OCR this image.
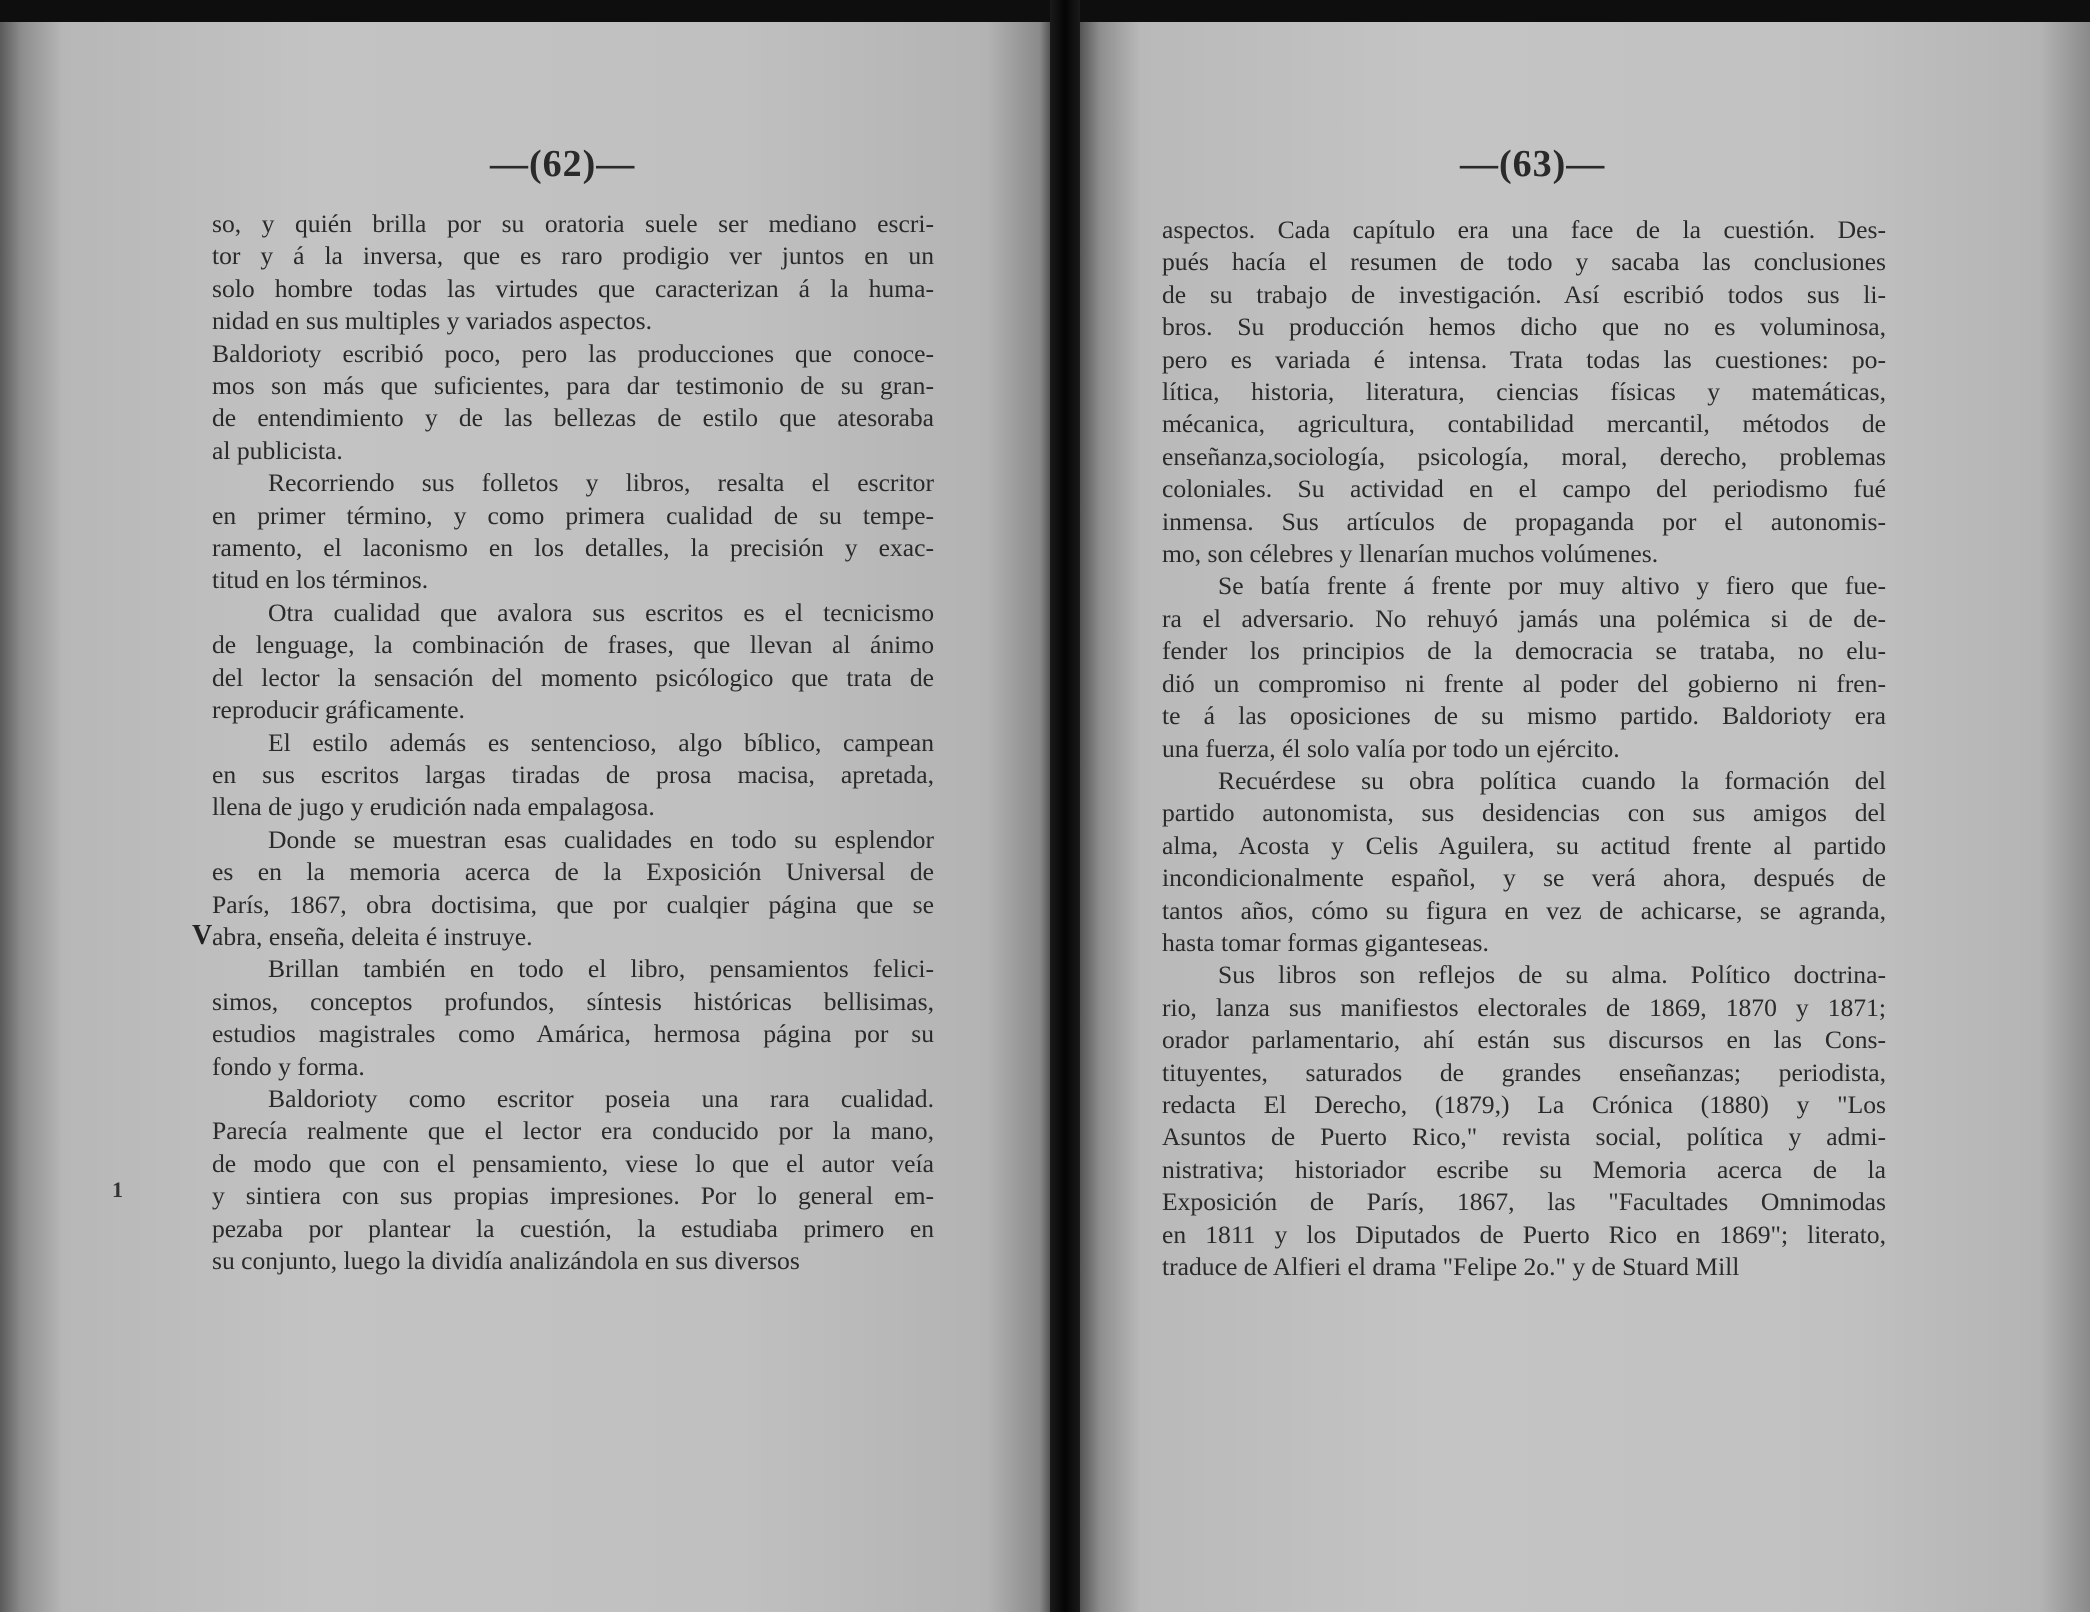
—(62)—

so, y quién brilla por su oratoria suele ser mediano escri-
tor y á la inversa, que es raro prodigio ver juntos en un
solo hombre todas las virtudes que caracterizan á la huma-
nidad en sus multiples y variados aspectos.

Baldorioty escribió poco, pero las producciones que conoce-
mos son más que suficientes, para dar testimonio de su gran-
de entendimiento y de las bellezas de estilo que atesoraba
al publicista.

Recorriendo sus folletos y libros, resalta el escritor
en primer término, y como primera cualidad de su tempe-
ramento, el laconismo en los detalles, la precisión y exac-
titud en los términos.

Otra cualidad que avalora sus escritos es el tecnicismo
de lenguage, la combinación de frases, que llevan al ánimo
del lector la sensación del momento psicólogico que trata de
reproducir gráficamente.

El estilo además es sentencioso, algo bíblico, campean
en sus escritos largas tiradas de prosa macisa, apretada,
llena de jugo y erudición nada empalagosa.

Donde se muestran esas cualidades en todo su esplendor
es en la memoria acerca de la Exposición Universal de
París, 1867, obra doctisima, que por cualqier página que se
abra, enseña, deleita é instruye.

Brillan también en todo el libro, pensamientos felici-
simos, conceptos profundos, síntesis históricas bellisimas,
estudios magistrales como Amárica, hermosa página por su
fondo y forma.

Baldorioty como escritor poseia una rara cualidad.
Parecía realmente que el lector era conducido por la mano,
de modo que con el pensamiento, viese lo que el autor veía
y sintiera con sus propias impresiones. Por lo general em-
pezaba por plantear la cuestión, la estudiaba primero en
su conjunto, luego la dividía analizándola en sus diversos

V
1
—(63)—

aspectos. Cada capítulo era una face de la cuestión. Des-
pués hacía el resumen de todo y sacaba las conclusiones
de su trabajo de investigación. Así escribió todos sus li-
bros. Su producción hemos dicho que no es voluminosa,
pero es variada é intensa. Trata todas las cuestiones: po-
lítica, historia, literatura, ciencias físicas y matemáticas,
mécanica, agricultura, contabilidad mercantil, métodos de
enseñanza,sociología, psicología, moral, derecho, problemas
coloniales. Su actividad en el campo del periodismo fué
inmensa. Sus artículos de propaganda por el autonomis-
mo, son célebres y llenarían muchos volúmenes.

Se batía frente á frente por muy altivo y fiero que fue-
ra el adversario. No rehuyó jamás una polémica si de de-
fender los principios de la democracia se trataba, no elu-
dió un compromiso ni frente al poder del gobierno ni fren-
te á las oposiciones de su mismo partido. Baldorioty era
una fuerza, él solo valía por todo un ejército.

Recuérdese su obra política cuando la formación del
partido autonomista, sus desidencias con sus amigos del
alma, Acosta y Celis Aguilera, su actitud frente al partido
incondicionalmente español, y se verá ahora, después de
tantos años, cómo su figura en vez de achicarse, se agranda,
hasta tomar formas giganteseas.

Sus libros son reflejos de su alma. Político doctrina-
rio, lanza sus manifiestos electorales de 1869, 1870 y 1871;
orador parlamentario, ahí están sus discursos en las Cons-
tituyentes, saturados de grandes enseñanzas; periodista,
redacta El Derecho, (1879,) La Crónica (1880) y "Los
Asuntos de Puerto Rico," revista social, política y admi-
nistrativa; historiador escribe su Memoria acerca de la
Exposición de París, 1867, las "Facultades Omnimodas
en 1811 y los Diputados de Puerto Rico en 1869"; literato,
traduce de Alfieri el drama "Felipe 2o." y de Stuard Mill
